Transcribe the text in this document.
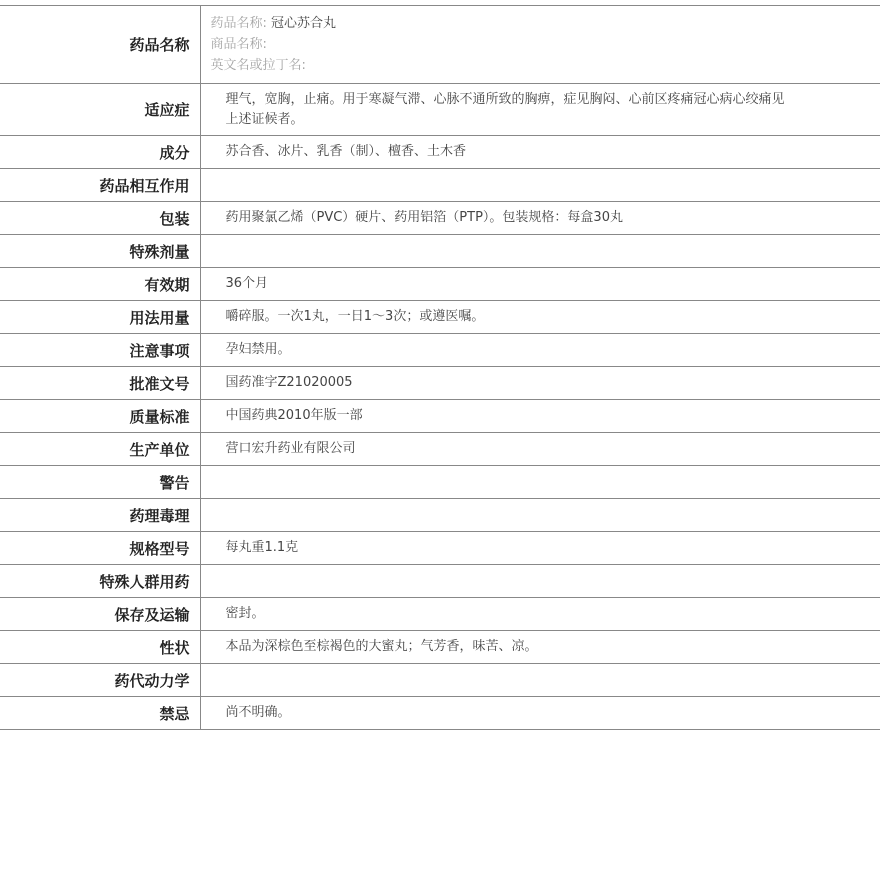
药品名称	药品名称: 冠心苏合丸
商品名称:
英文名或拉丁名:

适应症	理气，宽胸，止痛。用于寒凝气滞、心脉不通所致的胸痹，症见胸闷、心前区疼痛冠心病心绞痛见上述证候者。
成分	苏合香、冰片、乳香（制）、檀香、土木香
药品相互作用	
包装	药用聚氯乙烯（PVC）硬片、药用铝箔（PTP）。包装规格：每盒30丸
特殊剂量	
有效期	36个月
用法用量	嚼碎服。一次1丸，一日1～3次；或遵医嘱。
注意事项	孕妇禁用。
批准文号	国药准字Z21020005
质量标准	中国药典2010年版一部
生产单位	营口宏升药业有限公司
警告	
药理毒理	
规格型号	每丸重1.1克
特殊人群用药	
保存及运输	密封。
性状	本品为深棕色至棕褐色的大蜜丸；气芳香，味苦、凉。
药代动力学	
禁忌	尚不明确。
